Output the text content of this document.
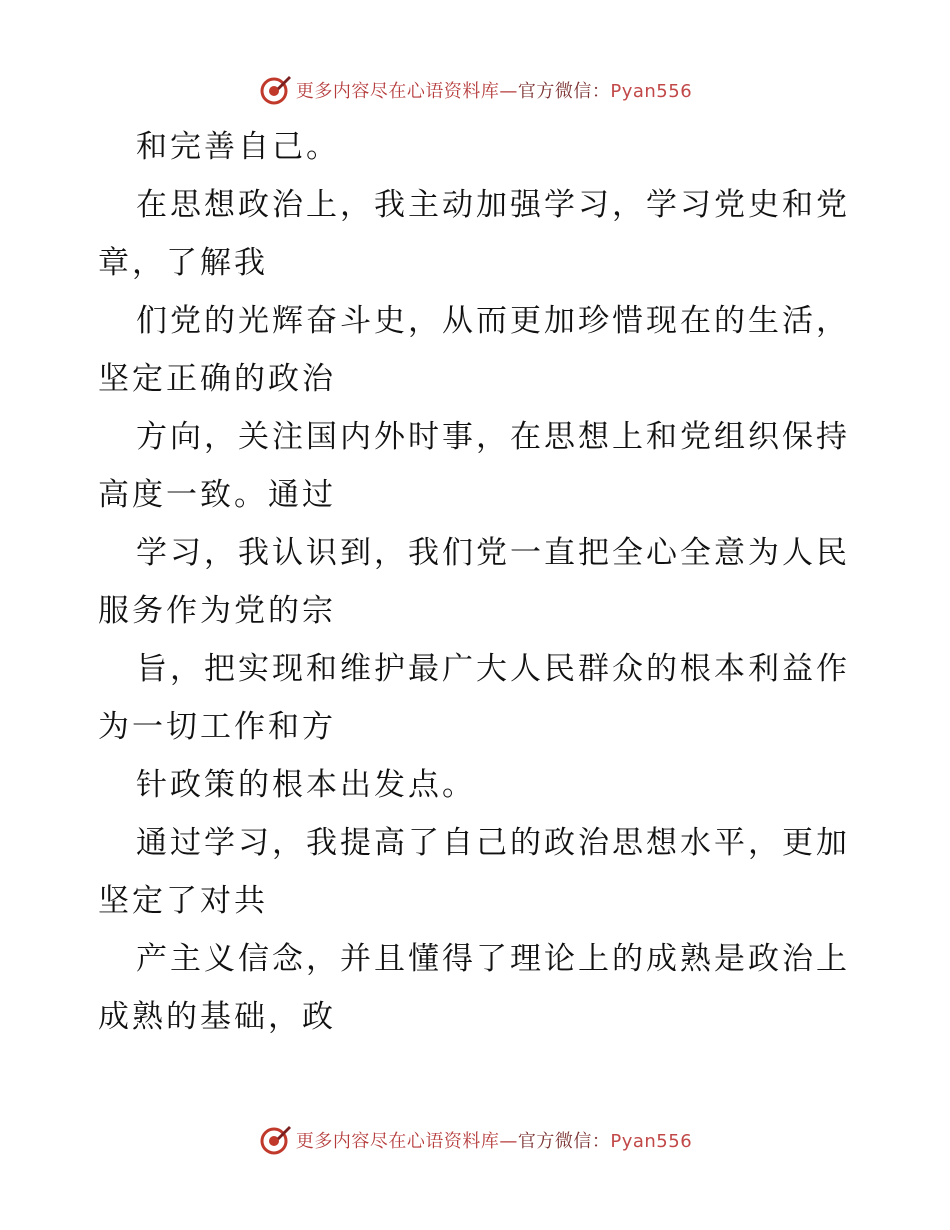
更多内容尽在心语资料库—官方微信：Pyan556
和完善自己。
在思想政治上，我主动加强学习，学习党史和党
章，了解我
们党的光辉奋斗史，从而更加珍惜现在的生活，
坚定正确的政治
方向，关注国内外时事，在思想上和党组织保持
高度一致。通过
学习，我认识到，我们党一直把全心全意为人民
服务作为党的宗
旨，把实现和维护最广大人民群众的根本利益作
为一切工作和方
针政策的根本出发点。
通过学习，我提高了自己的政治思想水平，更加
坚定了对共
产主义信念，并且懂得了理论上的成熟是政治上
成熟的基础，政
更多内容尽在心语资料库—官方微信：Pyan556
